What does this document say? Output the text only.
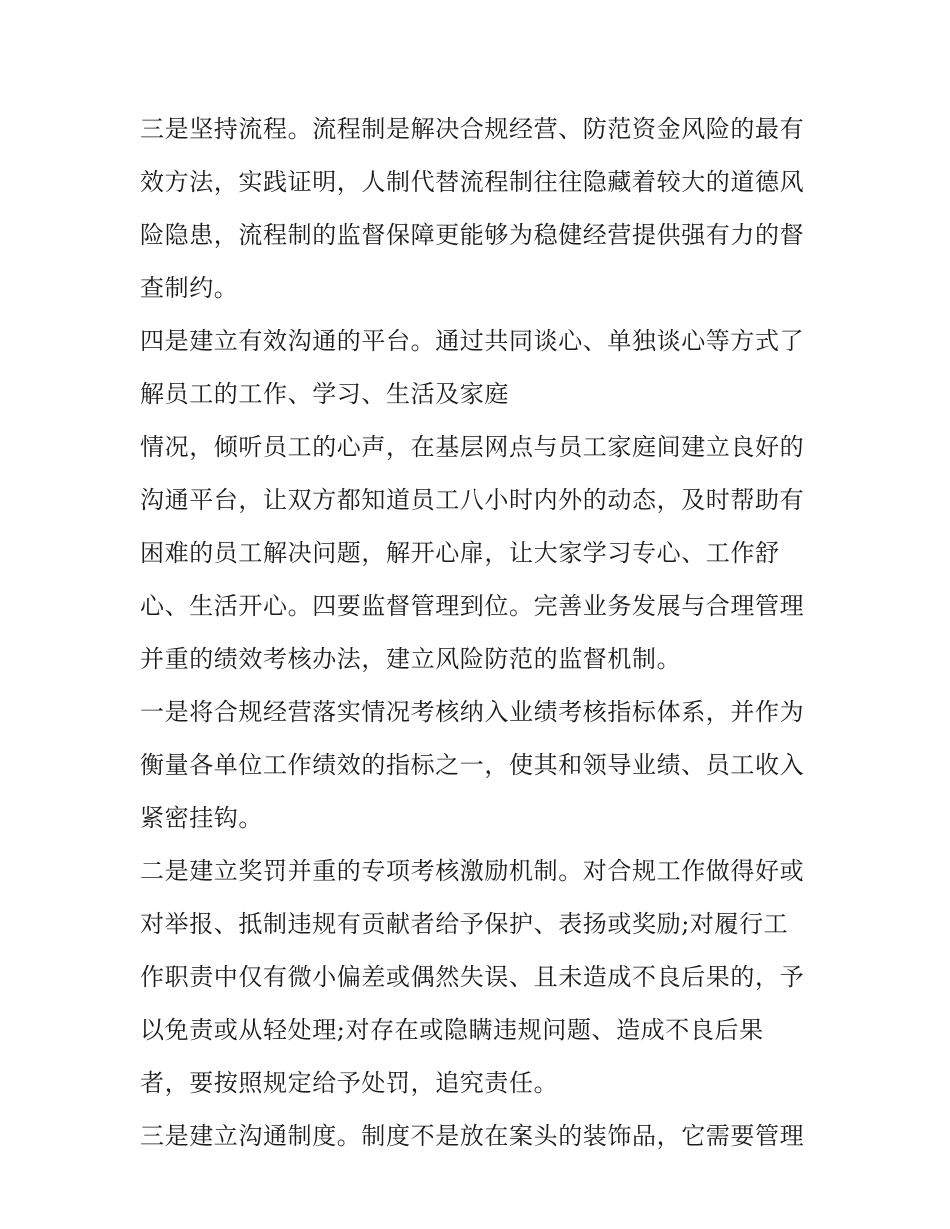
三是坚持流程。流程制是解决合规经营、防范资金风险的最有
效方法，实践证明，人制代替流程制往往隐藏着较大的道德风
险隐患，流程制的监督保障更能够为稳健经营提供强有力的督
查制约。
四是建立有效沟通的平台。通过共同谈心、单独谈心等方式了
解员工的工作、学习、生活及家庭
情况，倾听员工的心声，在基层网点与员工家庭间建立良好的
沟通平台，让双方都知道员工八小时内外的动态，及时帮助有
困难的员工解决问题，解开心扉，让大家学习专心、工作舒
心、生活开心。四要监督管理到位。完善业务发展与合理管理
并重的绩效考核办法，建立风险防范的监督机制。
一是将合规经营落实情况考核纳入业绩考核指标体系，并作为
衡量各单位工作绩效的指标之一，使其和领导业绩、员工收入
紧密挂钩。
二是建立奖罚并重的专项考核激励机制。对合规工作做得好或
对举报、抵制违规有贡献者给予保护、表扬或奖励;对履行工
作职责中仅有微小偏差或偶然失误、且未造成不良后果的，予
以免责或从轻处理;对存在或隐瞒违规问题、造成不良后果
者，要按照规定给予处罚，追究责任。
三是建立沟通制度。制度不是放在案头的装饰品，它需要管理
